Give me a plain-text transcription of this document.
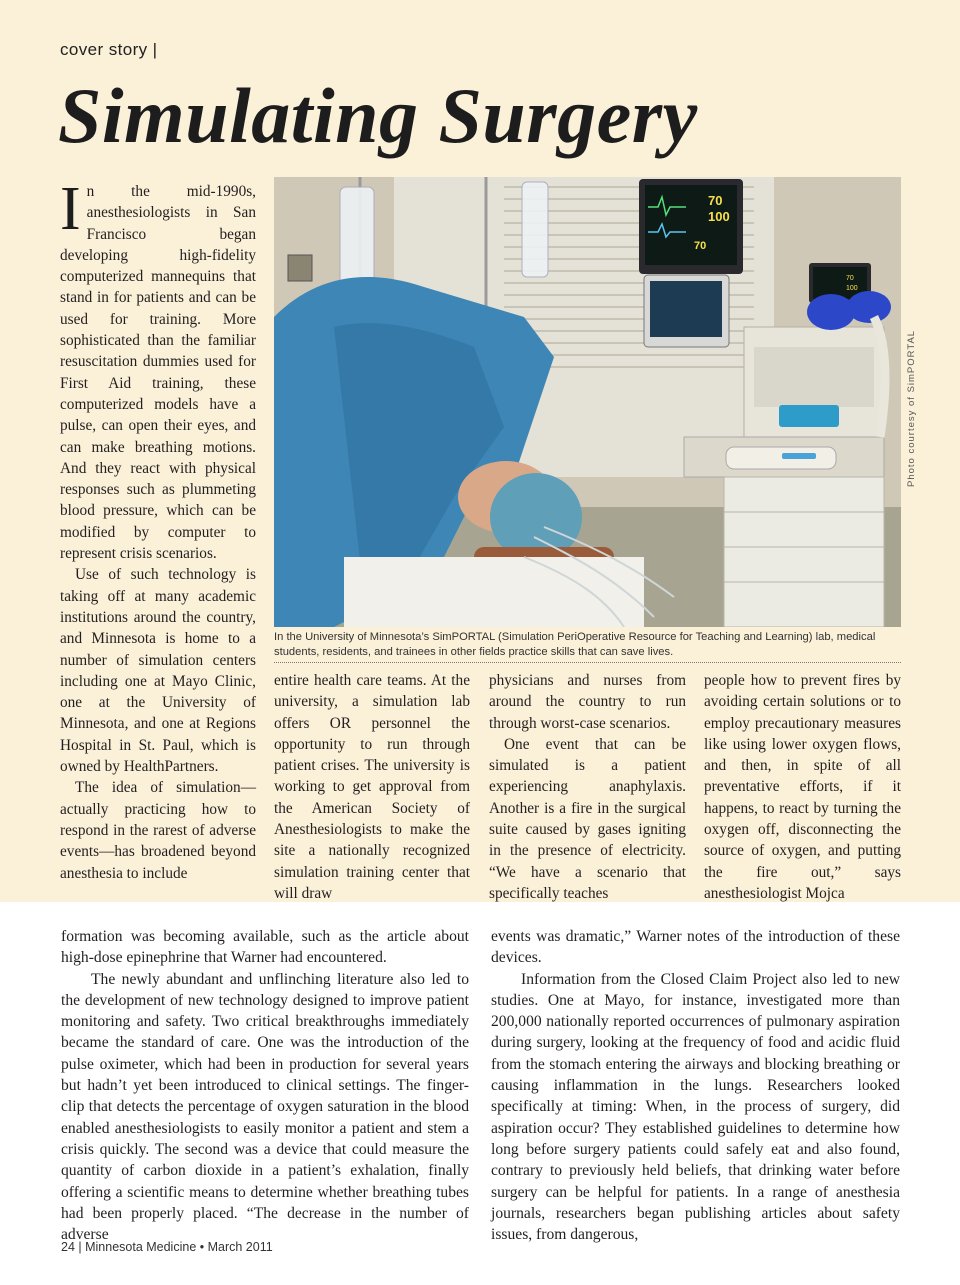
cover story |
Simulating Surgery

In the mid-1990s, anesthesiologists in San Francisco began developing high-fidelity computerized mannequins that stand in for patients and can be used for training. More sophisticated than the familiar resuscitation dummies used for First Aid training, these computerized models have a pulse, can open their eyes, and can make breathing motions. And they react with physical responses such as plummeting blood pressure, which can be modified by computer to represent crisis scenarios.

Use of such technology is taking off at many academic institutions around the country, and Minnesota is home to a number of simulation centers including one at Mayo Clinic, one at the University of Minnesota, and one at Regions Hospital in St. Paul, which is owned by HealthPartners.

The idea of simulation—actually practicing how to respond in the rarest of adverse events—has broadened beyond anesthesia to include

70
100
70
70
100
Photo courtesy of SimPORTAL
In the University of Minnesota’s SimPORTAL (Simulation PeriOperative Resource for Teaching and Learning) lab, medical students, residents, and trainees in other fields practice skills that can save lives.

entire health care teams. At the university, a simulation lab offers OR personnel the opportunity to run through patient crises. The university is working to get approval from the American Society of Anesthesiologists to make the site a nationally recognized simulation training center that will draw

physicians and nurses from around the country to run through worst-case scenarios.

One event that can be simulated is a patient experiencing anaphylaxis. Another is a fire in the surgical suite caused by gases igniting in the presence of electricity. “We have a scenario that specifically teaches

people how to prevent fires by avoiding certain solutions or to employ precautionary measures like using lower oxygen flows, and then, in spite of all preventative efforts, if it happens, to react by turning the oxygen off, disconnecting the source of oxygen, and putting the fire out,” says anesthesiologist Mojca

formation was becoming available, such as the article about high-dose epinephrine that Warner had encountered.

The newly abundant and unflinching literature also led to the development of new technology designed to improve patient monitoring and safety. Two critical breakthroughs immediately became the standard of care. One was the introduction of the pulse oximeter, which had been in production for several years but hadn’t yet been introduced to clinical settings. The finger-clip that detects the percentage of oxygen saturation in the blood enabled anesthesiologists to easily monitor a patient and stem a crisis quickly. The second was a device that could measure the quantity of carbon dioxide in a patient’s exhalation, finally offering a scientific means to determine whether breathing tubes had been properly placed. “The decrease in the number of adverse

events was dramatic,” Warner notes of the introduction of these devices.

Information from the Closed Claim Project also led to new studies. One at Mayo, for instance, investigated more than 200,000 nationally reported occurrences of pulmonary aspiration during surgery, looking at the frequency of food and acidic fluid from the stomach entering the airways and blocking breathing or causing inflammation in the lungs. Researchers looked specifically at timing: When, in the process of surgery, did aspiration occur? They established guidelines to determine how long before surgery patients could safely eat and also found, contrary to previously held beliefs, that drinking water before surgery can be helpful for patients. In a range of anesthesia journals, researchers began publishing articles about safety issues, from dangerous,

24 | Minnesota Medicine • March 2011
